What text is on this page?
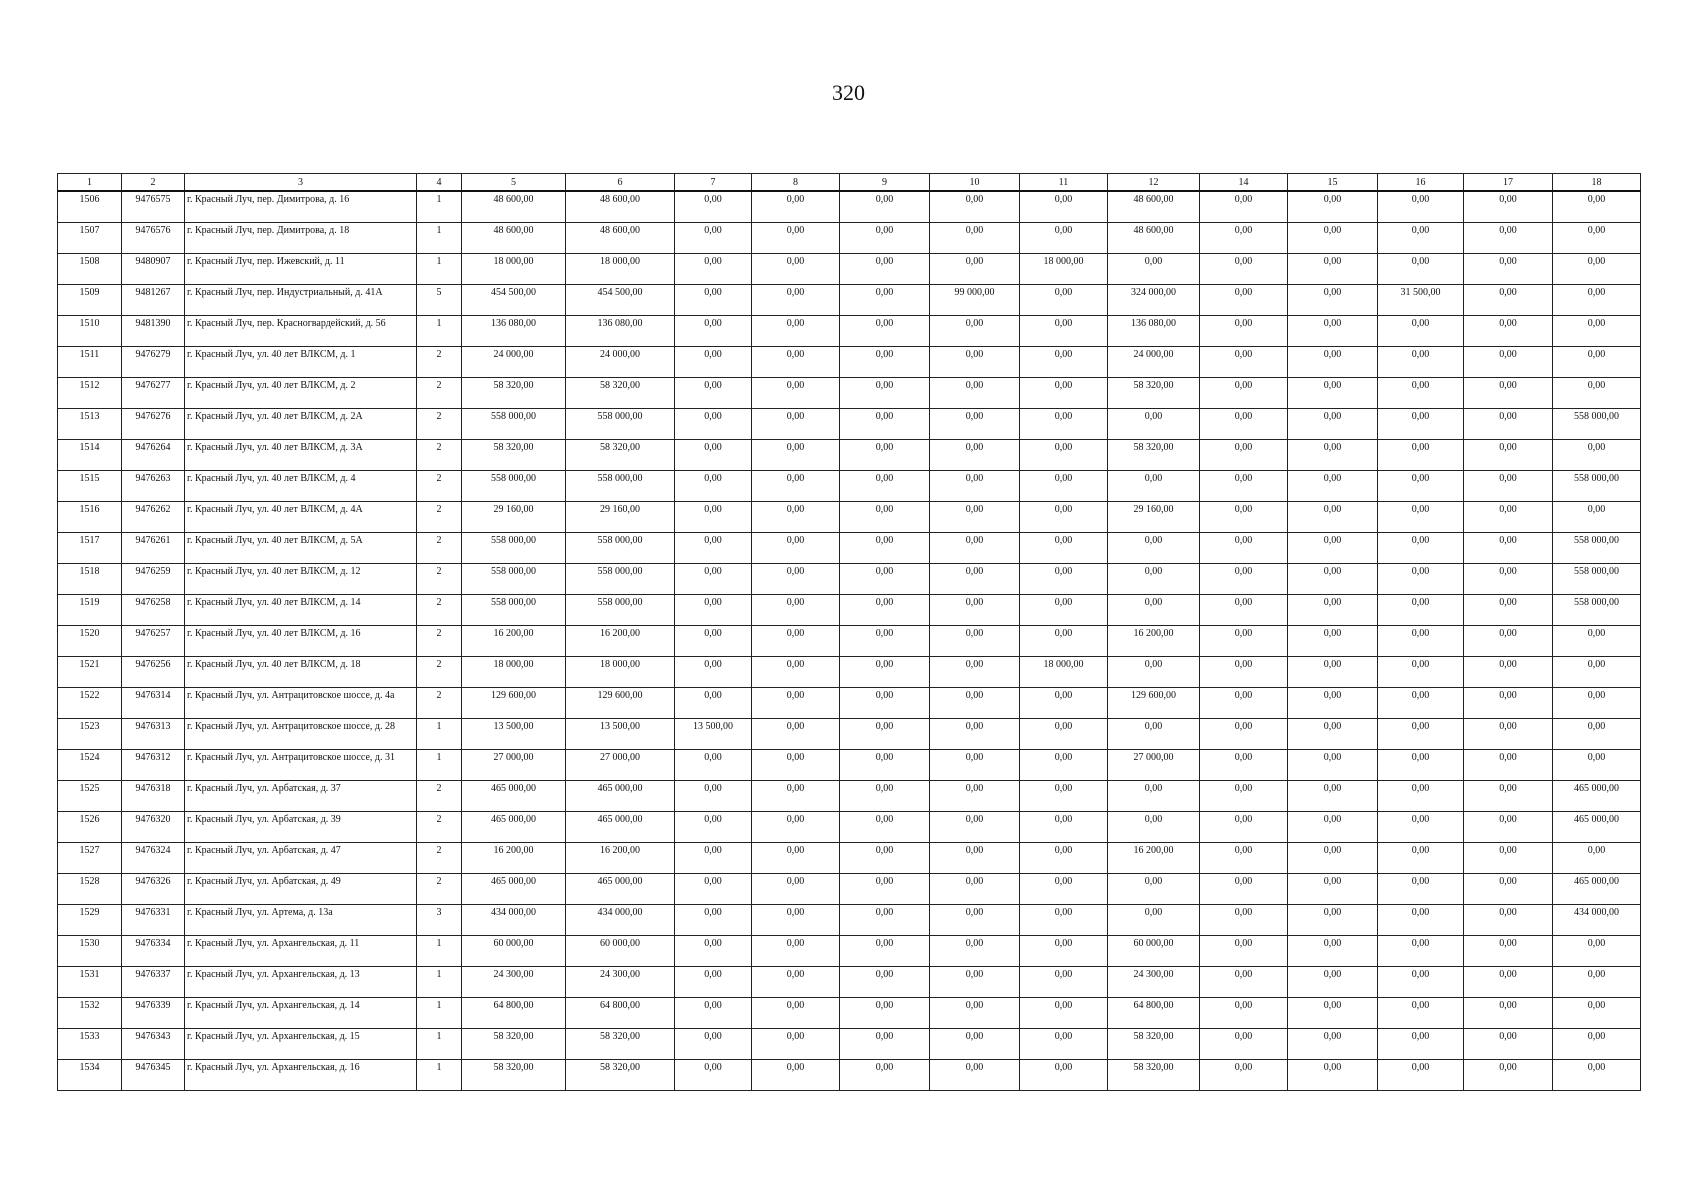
320
1	2	3	4	5	6	7	8	9	10	11	12	14	15	16	17	18
1506	9476575	г. Красный Луч, пер. Димитрова, д. 16	1	48 600,00	48 600,00	0,00	0,00	0,00	0,00	0,00	48 600,00	0,00	0,00	0,00	0,00	0,00
1507	9476576	г. Красный Луч, пер. Димитрова, д. 18	1	48 600,00	48 600,00	0,00	0,00	0,00	0,00	0,00	48 600,00	0,00	0,00	0,00	0,00	0,00
1508	9480907	г. Красный Луч, пер. Ижевский, д. 11	1	18 000,00	18 000,00	0,00	0,00	0,00	0,00	18 000,00	0,00	0,00	0,00	0,00	0,00	0,00
1509	9481267	г. Красный Луч, пер. Индустриальный, д. 41А	5	454 500,00	454 500,00	0,00	0,00	0,00	99 000,00	0,00	324 000,00	0,00	0,00	31 500,00	0,00	0,00
1510	9481390	г. Красный Луч, пер. Красногвардейский, д. 56	1	136 080,00	136 080,00	0,00	0,00	0,00	0,00	0,00	136 080,00	0,00	0,00	0,00	0,00	0,00
1511	9476279	г. Красный Луч, ул. 40 лет ВЛКСМ, д. 1	2	24 000,00	24 000,00	0,00	0,00	0,00	0,00	0,00	24 000,00	0,00	0,00	0,00	0,00	0,00
1512	9476277	г. Красный Луч, ул. 40 лет ВЛКСМ, д. 2	2	58 320,00	58 320,00	0,00	0,00	0,00	0,00	0,00	58 320,00	0,00	0,00	0,00	0,00	0,00
1513	9476276	г. Красный Луч, ул. 40 лет ВЛКСМ, д. 2А	2	558 000,00	558 000,00	0,00	0,00	0,00	0,00	0,00	0,00	0,00	0,00	0,00	0,00	558 000,00
1514	9476264	г. Красный Луч, ул. 40 лет ВЛКСМ, д. 3А	2	58 320,00	58 320,00	0,00	0,00	0,00	0,00	0,00	58 320,00	0,00	0,00	0,00	0,00	0,00
1515	9476263	г. Красный Луч, ул. 40 лет ВЛКСМ, д. 4	2	558 000,00	558 000,00	0,00	0,00	0,00	0,00	0,00	0,00	0,00	0,00	0,00	0,00	558 000,00
1516	9476262	г. Красный Луч, ул. 40 лет ВЛКСМ, д. 4А	2	29 160,00	29 160,00	0,00	0,00	0,00	0,00	0,00	29 160,00	0,00	0,00	0,00	0,00	0,00
1517	9476261	г. Красный Луч, ул. 40 лет ВЛКСМ, д. 5А	2	558 000,00	558 000,00	0,00	0,00	0,00	0,00	0,00	0,00	0,00	0,00	0,00	0,00	558 000,00
1518	9476259	г. Красный Луч, ул. 40 лет ВЛКСМ, д. 12	2	558 000,00	558 000,00	0,00	0,00	0,00	0,00	0,00	0,00	0,00	0,00	0,00	0,00	558 000,00
1519	9476258	г. Красный Луч, ул. 40 лет ВЛКСМ, д. 14	2	558 000,00	558 000,00	0,00	0,00	0,00	0,00	0,00	0,00	0,00	0,00	0,00	0,00	558 000,00
1520	9476257	г. Красный Луч, ул. 40 лет ВЛКСМ, д. 16	2	16 200,00	16 200,00	0,00	0,00	0,00	0,00	0,00	16 200,00	0,00	0,00	0,00	0,00	0,00
1521	9476256	г. Красный Луч, ул. 40 лет ВЛКСМ, д. 18	2	18 000,00	18 000,00	0,00	0,00	0,00	0,00	18 000,00	0,00	0,00	0,00	0,00	0,00	0,00
1522	9476314	г. Красный Луч, ул. Антрацитовское шоссе, д. 4а	2	129 600,00	129 600,00	0,00	0,00	0,00	0,00	0,00	129 600,00	0,00	0,00	0,00	0,00	0,00
1523	9476313	г. Красный Луч, ул. Антрацитовское шоссе, д. 28	1	13 500,00	13 500,00	13 500,00	0,00	0,00	0,00	0,00	0,00	0,00	0,00	0,00	0,00	0,00
1524	9476312	г. Красный Луч, ул. Антрацитовское шоссе, д. 31	1	27 000,00	27 000,00	0,00	0,00	0,00	0,00	0,00	27 000,00	0,00	0,00	0,00	0,00	0,00
1525	9476318	г. Красный Луч, ул. Арбатская, д. 37	2	465 000,00	465 000,00	0,00	0,00	0,00	0,00	0,00	0,00	0,00	0,00	0,00	0,00	465 000,00
1526	9476320	г. Красный Луч, ул. Арбатская, д. 39	2	465 000,00	465 000,00	0,00	0,00	0,00	0,00	0,00	0,00	0,00	0,00	0,00	0,00	465 000,00
1527	9476324	г. Красный Луч, ул. Арбатская, д. 47	2	16 200,00	16 200,00	0,00	0,00	0,00	0,00	0,00	16 200,00	0,00	0,00	0,00	0,00	0,00
1528	9476326	г. Красный Луч, ул. Арбатская, д. 49	2	465 000,00	465 000,00	0,00	0,00	0,00	0,00	0,00	0,00	0,00	0,00	0,00	0,00	465 000,00
1529	9476331	г. Красный Луч, ул. Артема, д. 13а	3	434 000,00	434 000,00	0,00	0,00	0,00	0,00	0,00	0,00	0,00	0,00	0,00	0,00	434 000,00
1530	9476334	г. Красный Луч, ул. Архангельская, д. 11	1	60 000,00	60 000,00	0,00	0,00	0,00	0,00	0,00	60 000,00	0,00	0,00	0,00	0,00	0,00
1531	9476337	г. Красный Луч, ул. Архангельская, д. 13	1	24 300,00	24 300,00	0,00	0,00	0,00	0,00	0,00	24 300,00	0,00	0,00	0,00	0,00	0,00
1532	9476339	г. Красный Луч, ул. Архангельская, д. 14	1	64 800,00	64 800,00	0,00	0,00	0,00	0,00	0,00	64 800,00	0,00	0,00	0,00	0,00	0,00
1533	9476343	г. Красный Луч, ул. Архангельская, д. 15	1	58 320,00	58 320,00	0,00	0,00	0,00	0,00	0,00	58 320,00	0,00	0,00	0,00	0,00	0,00
1534	9476345	г. Красный Луч, ул. Архангельская, д. 16	1	58 320,00	58 320,00	0,00	0,00	0,00	0,00	0,00	58 320,00	0,00	0,00	0,00	0,00	0,00
